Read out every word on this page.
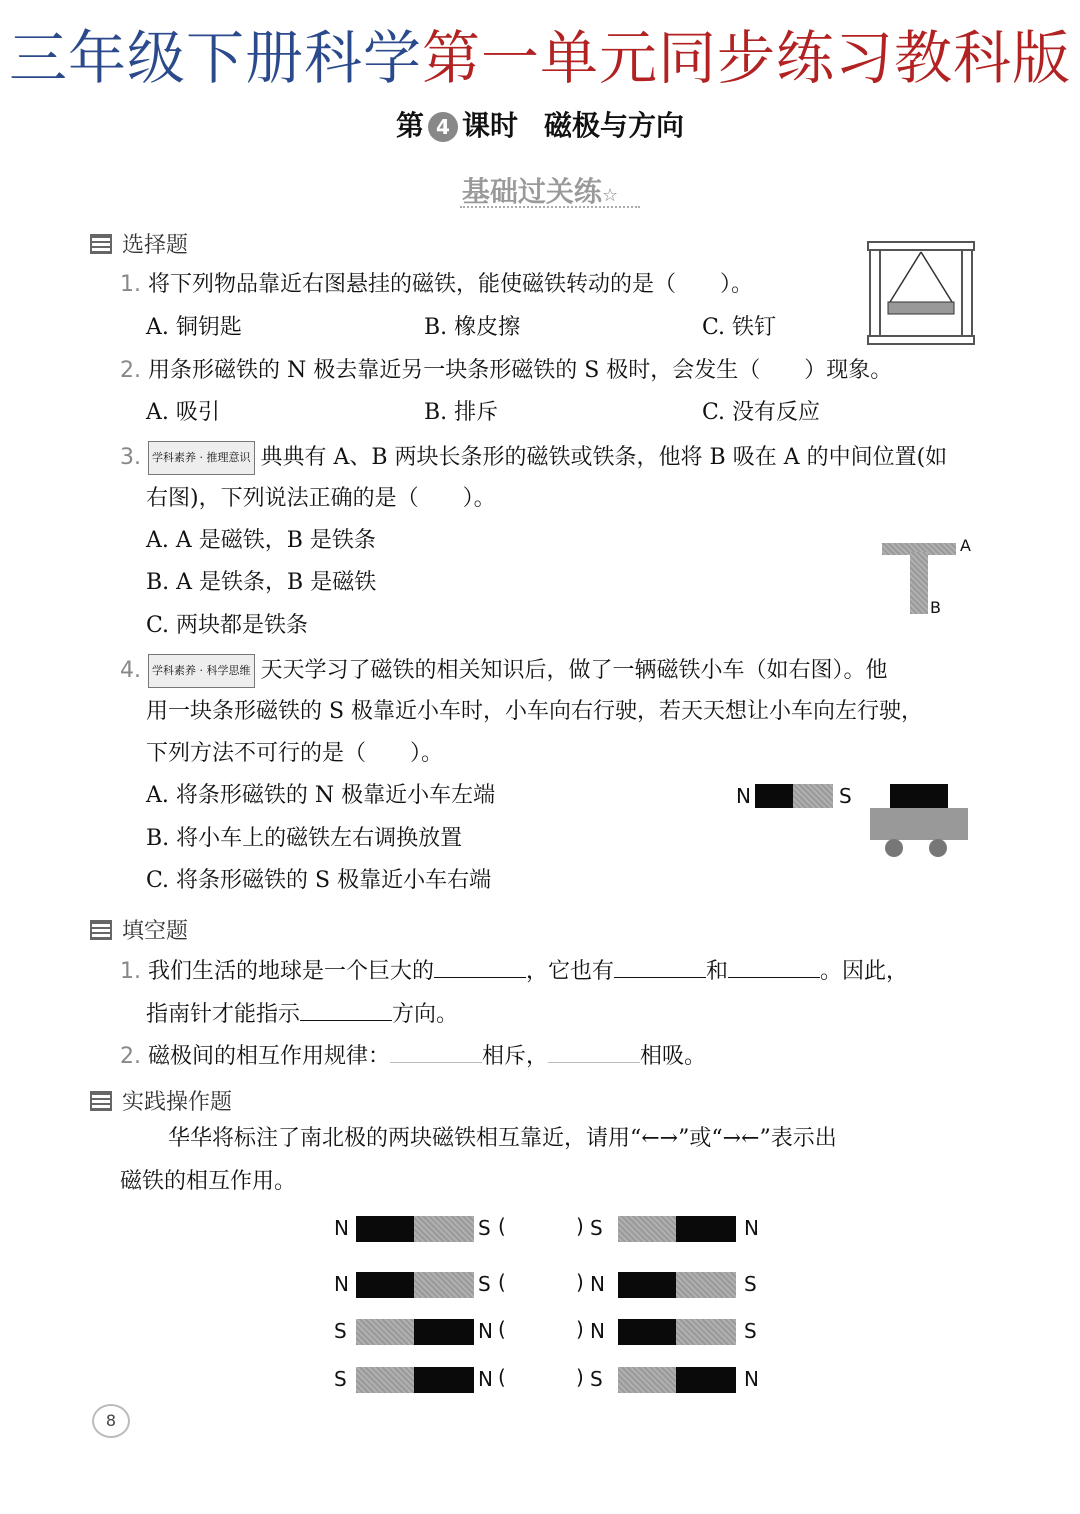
三年级下册科学第一单元同步练习教科版
第 4 课时 磁极与方向
基础过关练☆
选择题
1. 将下列物品靠近右图悬挂的磁铁，能使磁铁转动的是（　　）。
A. 铜钥匙	B. 橡皮擦	C. 铁钉
2. 用条形磁铁的 N 极去靠近另一块条形磁铁的 S 极时，会发生（　　）现象。
A. 吸引	B. 排斥	C. 没有反应
3. 学科素养 · 推理意识 典典有 A、B 两块长条形的磁铁或铁条，他将 B 吸在 A 的中间位置(如
右图)，下列说法正确的是（　　）。
A. A 是磁铁，B 是铁条
B. A 是铁条，B 是磁铁
C. 两块都是铁条
A
B
4. 学科素养 · 科学思维 天天学习了磁铁的相关知识后，做了一辆磁铁小车（如右图）。他
用一块条形磁铁的 S 极靠近小车时，小车向右行驶，若天天想让小车向左行驶，
下列方法不可行的是（　　）。
A. 将条形磁铁的 N 极靠近小车左端
B. 将小车上的磁铁左右调换放置
C. 将条形磁铁的 S 极靠近小车右端
N	S
填空题
1. 我们生活的地球是一个巨大的	，它也有	和	。因此，
指南针才能指示	方向。
2. 磁极间的相互作用规律：	相斥，	相吸。
实践操作题
华华将标注了南北极的两块磁铁相互靠近，请用“←→”或“→←”表示出
磁铁的相互作用。
N	S (	) S	N
N	S (	) N	S
S	N (	) N	S
S	N (	) S	N
8
